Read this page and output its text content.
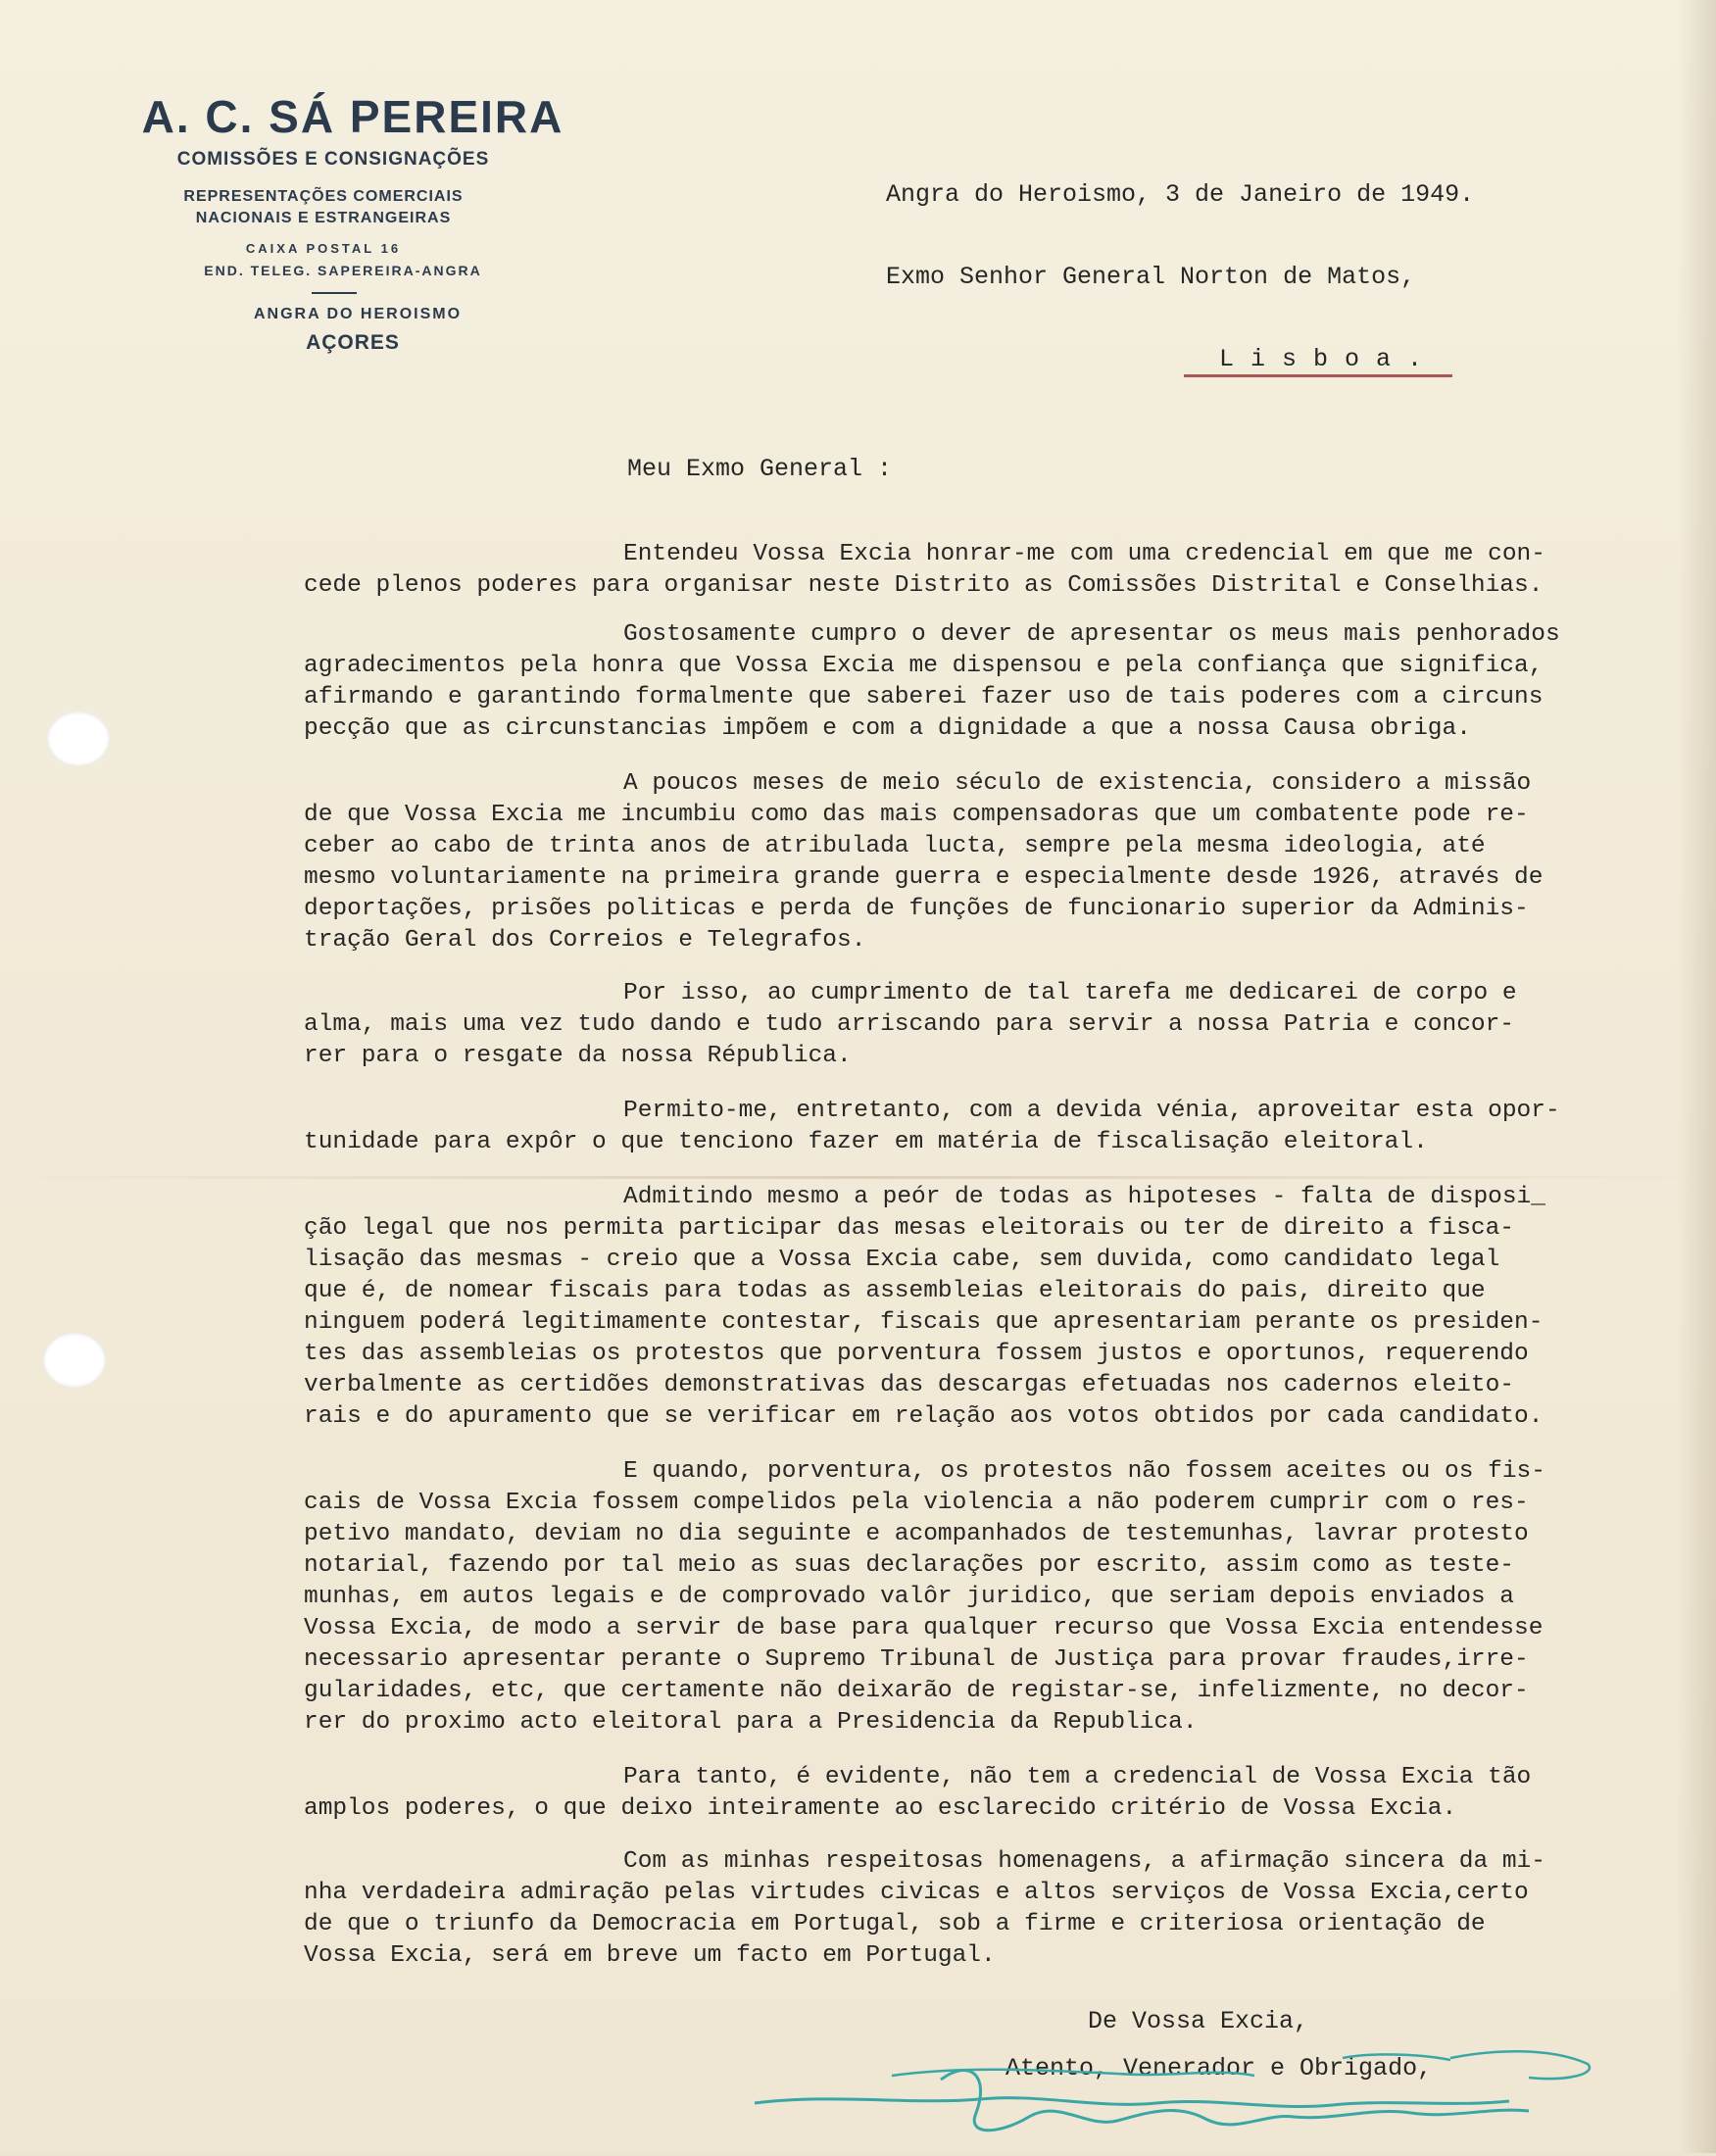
A. C. SÁ PEREIRA
COMISSÕES E CONSIGNAÇÕES
REPRESENTAÇÕES COMERCIAIS
NACIONAIS E ESTRANGEIRAS
CAIXA POSTAL 16
END. TELEG. SAPEREIRA-ANGRA
ANGRA DO HEROISMO
AÇORES
Angra do Heroismo, 3 de Janeiro de 1949.
Exmo Senhor General Norton de Matos,
L i s b o a .
Meu Exmo General :
Entendeu Vossa Excia honrar-me com uma credencial em que me con-
cede plenos poderes para organisar neste Distrito as Comissões Distrital e Conselhias.
Gostosamente cumpro o dever de apresentar os meus mais penhorados
agradecimentos pela honra que Vossa Excia me dispensou e pela confiança que significa,
afirmando e garantindo formalmente que saberei fazer uso de tais poderes com a circuns
pecção que as circunstancias impõem e com a dignidade a que a nossa Causa obriga.
A poucos meses de meio século de existencia, considero a missão
de que Vossa Excia me incumbiu como das mais compensadoras que um combatente pode re-
ceber ao cabo de trinta anos de atribulada lucta, sempre pela mesma ideologia, até
mesmo voluntariamente na primeira grande guerra e especialmente desde 1926, através de
deportações, prisões politicas e perda de funções de funcionario superior da Adminis-
tração Geral dos Correios e Telegrafos.
Por isso, ao cumprimento de tal tarefa me dedicarei de corpo e
alma, mais uma vez tudo dando e tudo arriscando para servir a nossa Patria e concor-
rer para o resgate da nossa Républica.
Permito-me, entretanto, com a devida vénia, aproveitar esta opor-
tunidade para expôr o que tenciono fazer em matéria de fiscalisação eleitoral.
Admitindo mesmo a peór de todas as hipoteses - falta de disposi_
ção legal que nos permita participar das mesas eleitorais ou ter de direito a fisca-
lisação das mesmas - creio que a Vossa Excia cabe, sem duvida, como candidato legal
que é, de nomear fiscais para todas as assembleias eleitorais do pais, direito que
ninguem poderá legitimamente contestar, fiscais que apresentariam perante os presiden-
tes das assembleias os protestos que porventura fossem justos e oportunos, requerendo
verbalmente as certidões demonstrativas das descargas efetuadas nos cadernos eleito-
rais e do apuramento que se verificar em relação aos votos obtidos por cada candidato.
E quando, porventura, os protestos não fossem aceites ou os fis-
cais de Vossa Excia fossem compelidos pela violencia a não poderem cumprir com o res-
petivo mandato, deviam no dia seguinte e acompanhados de testemunhas, lavrar protesto
notarial, fazendo por tal meio as suas declarações por escrito, assim como as teste-
munhas, em autos legais e de comprovado valôr juridico, que seriam depois enviados a
Vossa Excia, de modo a servir de base para qualquer recurso que Vossa Excia entendesse
necessario apresentar perante o Supremo Tribunal de Justiça para provar fraudes,irre-
gularidades, etc, que certamente não deixarão de registar-se, infelizmente, no decor-
rer do proximo acto eleitoral para a Presidencia da Republica.
Para tanto, é evidente, não tem a credencial de Vossa Excia tão
amplos poderes, o que deixo inteiramente ao esclarecido critério de Vossa Excia.
Com as minhas respeitosas homenagens, a afirmação sincera da mi-
nha verdadeira admiração pelas virtudes civicas e altos serviços de Vossa Excia,certo
de que o triunfo da Democracia em Portugal, sob a firme e criteriosa orientação de
Vossa Excia, será em breve um facto em Portugal.
De Vossa Excia,
Atento, Venerador e Obrigado,
